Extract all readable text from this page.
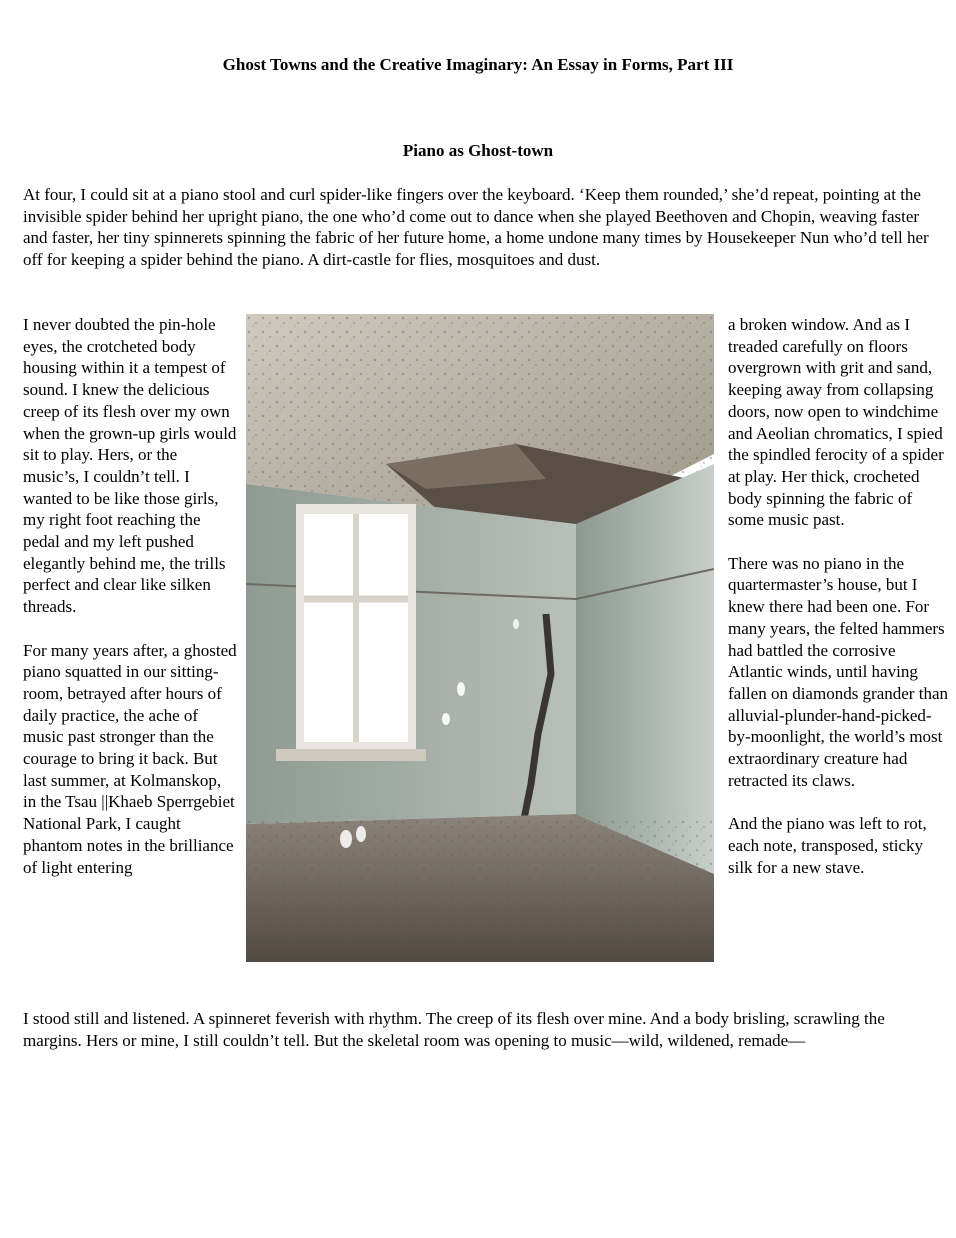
Ghost Towns and the Creative Imaginary: An Essay in Forms, Part III
Piano as Ghost-town

At four, I could sit at a piano stool and curl spider-like fingers over the keyboard. ‘Keep them rounded,’ she’d repeat, pointing at the invisible spider behind her upright piano, the one who’d come out to dance when she played Beethoven and Chopin, weaving faster and faster, her tiny spinnerets spinning the fabric of her future home, a home undone many times by Housekeeper Nun who’d tell her off for keeping a spider behind the piano. A dirt-castle for flies, mosquitoes and dust.

I never doubted the pin-hole eyes, the crotcheted body housing within it a tempest of sound. I knew the delicious creep of its flesh over my own when the grown-up girls would sit to play. Hers, or the music’s, I couldn’t tell. I wanted to be like those girls, my right foot reaching the pedal and my left pushed elegantly behind me, the trills perfect and clear like silken threads.

For many years after, a ghosted piano squatted in our sitting-room, betrayed after hours of daily practice, the ache of music past stronger than the courage to bring it back. But last summer, at Kolmanskop, in the Tsau ||Khaeb Sperrgebiet National Park, I caught phantom notes in the brilliance of light entering

a broken window. And as I treaded carefully on floors overgrown with grit and sand, keeping away from collapsing doors, now open to windchime and Aeolian chromatics, I spied the spindled ferocity of a spider at play. Her thick, crocheted body spinning the fabric of some music past.

There was no piano in the quartermaster’s house, but I knew there had been one. For many years, the felted hammers had battled the corrosive Atlantic winds, until having fallen on diamonds grander than alluvial-plunder-hand-picked-by-moonlight, the world’s most extraordinary creature had retracted its claws.

And the piano was left to rot, each note, transposed, sticky silk for a new stave.

I stood still and listened. A spinneret feverish with rhythm. The creep of its flesh over mine. And a body brisling, scrawling the margins. Hers or mine, I still couldn’t tell. But the skeletal room was opening to music—wild, wildened, remade—
